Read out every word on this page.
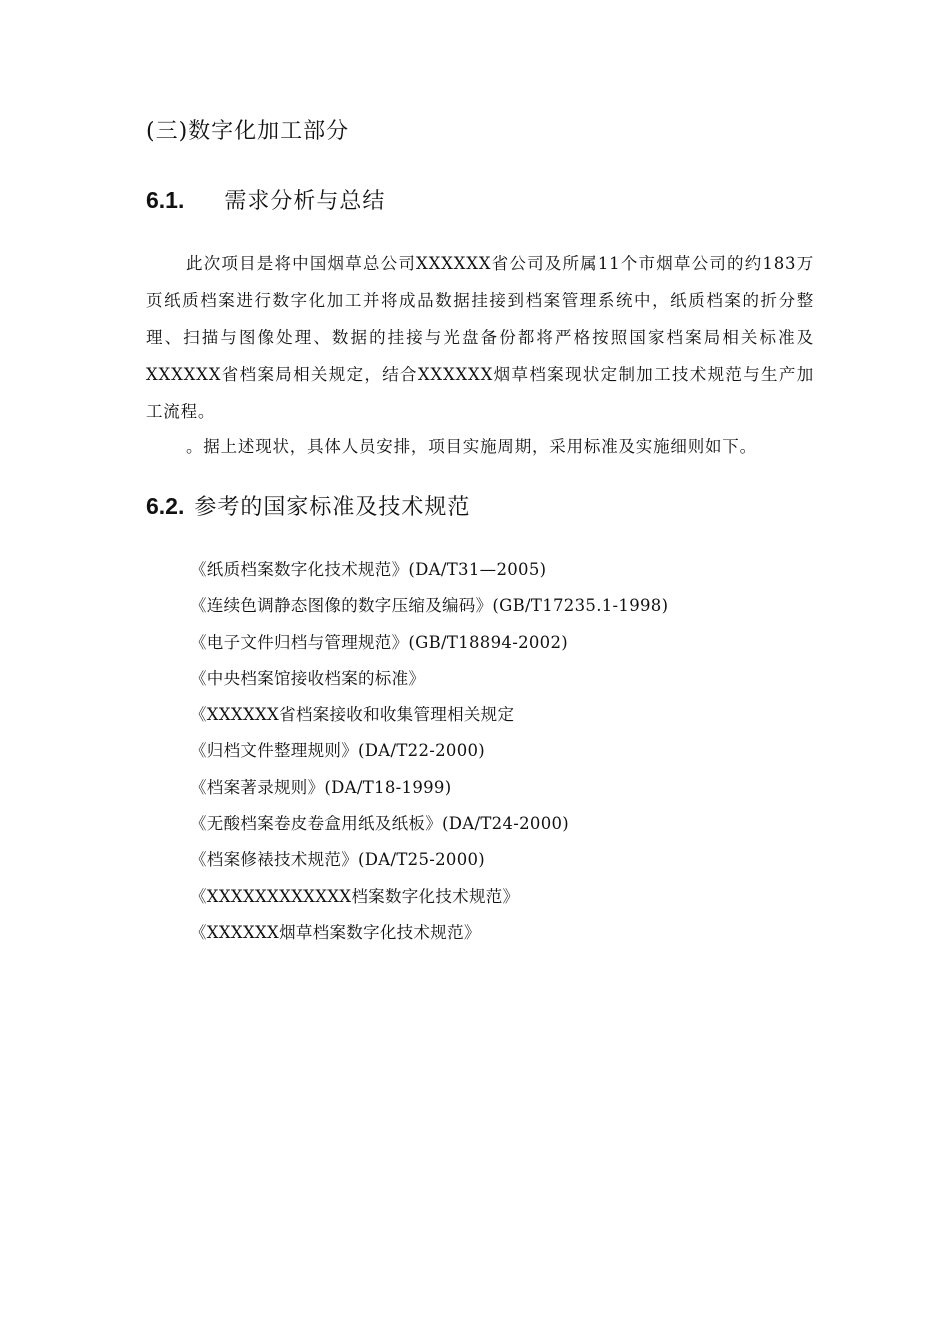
(三)数字化加工部分
6.1. 需求分析与总结
此次项目是将中国烟草总公司XXXXXX省公司及所属11个市烟草公司的约183万页纸质档案进行数字化加工并将成品数据挂接到档案管理系统中，纸质档案的折分整理、扫描与图像处理、数据的挂接与光盘备份都将严格按照国家档案局相关标准及XXXXXX省档案局相关规定，结合XXXXXX烟草档案现状定制加工技术规范与生产加工流程。
。据上述现状，具体人员安排，项目实施周期，采用标准及实施细则如下。
6.2. 参考的国家标准及技术规范
《纸质档案数字化技术规范》(DA/T31—2005)
《连续色调静态图像的数字压缩及编码》(GB/T17235.1-1998)
《电子文件归档与管理规范》(GB/T18894-2002)
《中央档案馆接收档案的标准》
《XXXXXX省档案接收和收集管理相关规定
《归档文件整理规则》(DA/T22-2000)
《档案著录规则》(DA/T18-1999)
《无酸档案卷皮卷盒用纸及纸板》(DA/T24-2000)
《档案修裱技术规范》(DA/T25-2000)
《XXXXXXXXXXXX档案数字化技术规范》
《XXXXXX烟草档案数字化技术规范》
